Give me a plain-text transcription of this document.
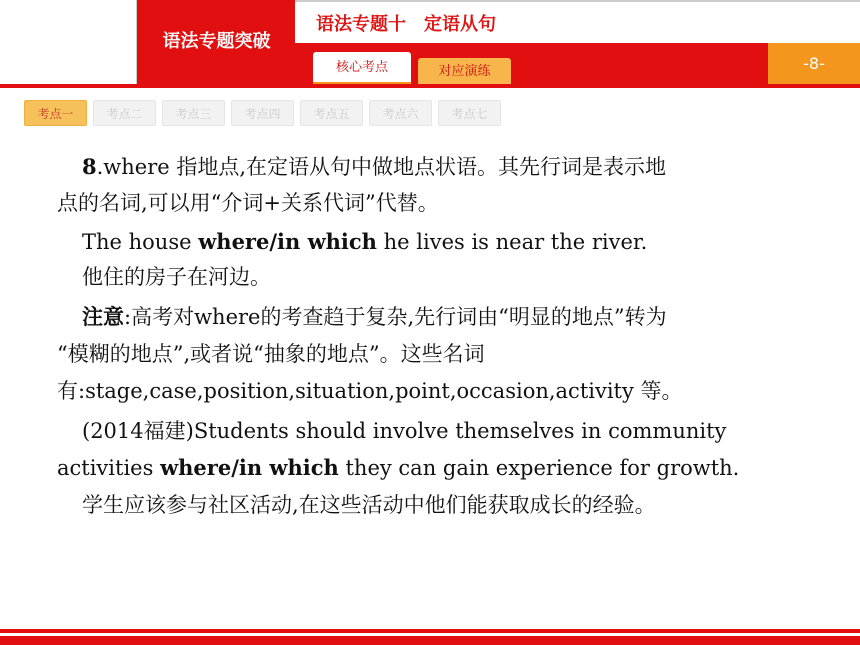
语法专题突破
语法专题十　定语从句
-8-
核心考点	对应演练
考点一	考点二	考点三	考点四	考点五	考点六	考点七
8.where 指地点,在定语从句中做地点状语。其先行词是表示地
点的名词,可以用“介词+关系代词”代替。
The house where/in which he lives is near the river.
他住的房子在河边。
注意:高考对where的考查趋于复杂,先行词由“明显的地点”转为
“模糊的地点”,或者说“抽象的地点”。这些名词
有:stage,case,position,situation,point,occasion,activity 等。
(2014福建)Students should involve themselves in community
activities where/in which they can gain experience for growth.
学生应该参与社区活动,在这些活动中他们能获取成长的经验。
